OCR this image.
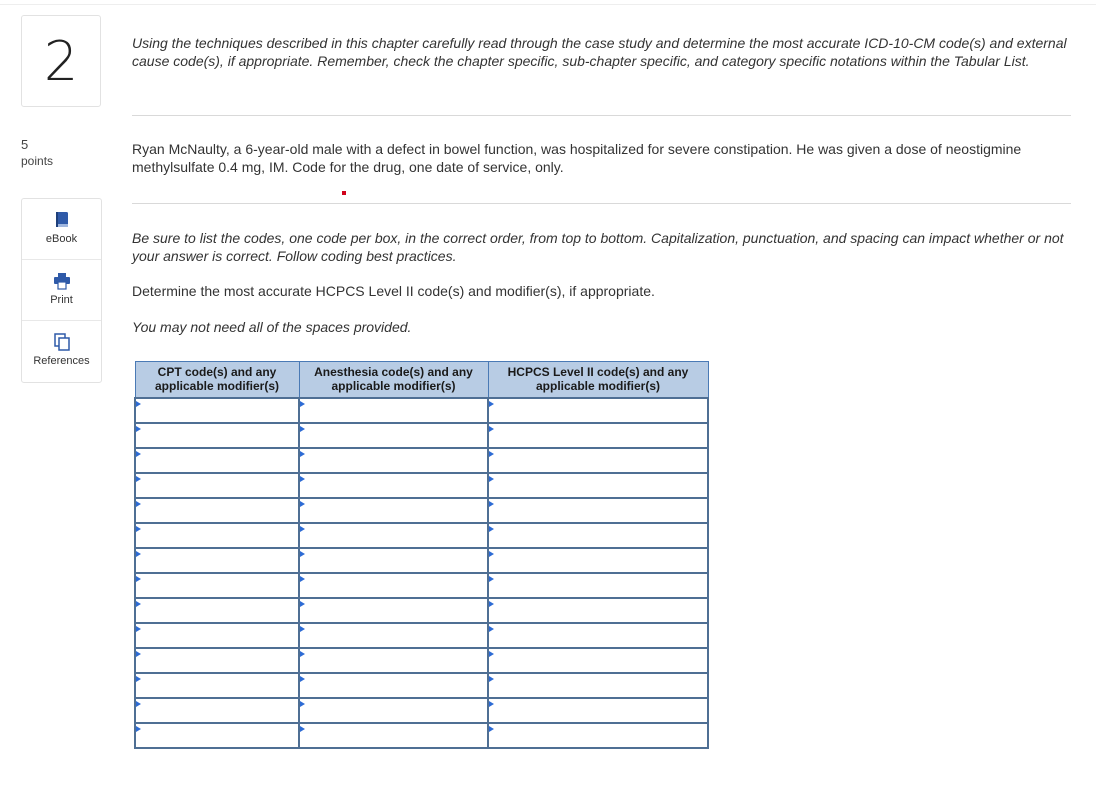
2
5
points
eBook
Print
References
Using the techniques described in this chapter carefully read through the case study and determine the most accurate ICD-10-CM code(s) and external cause code(s), if appropriate. Remember, check the chapter specific, sub-chapter specific, and category specific notations within the Tabular List.
Ryan McNaulty, a 6-year-old male with a defect in bowel function, was hospitalized for severe constipation. He was given a dose of neostigmine methylsulfate 0.4 mg, IM. Code for the drug, one date of service, only.
Be sure to list the codes, one code per box, in the correct order, from top to bottom. Capitalization, punctuation, and spacing can impact whether or not your answer is correct. Follow coding best practices.
Determine the most accurate HCPCS Level II code(s) and modifier(s), if appropriate.
You may not need all of the spaces provided.
CPT code(s) and any applicable modifier(s)	Anesthesia code(s) and any applicable modifier(s)	HCPCS Level II code(s) and any applicable modifier(s)
